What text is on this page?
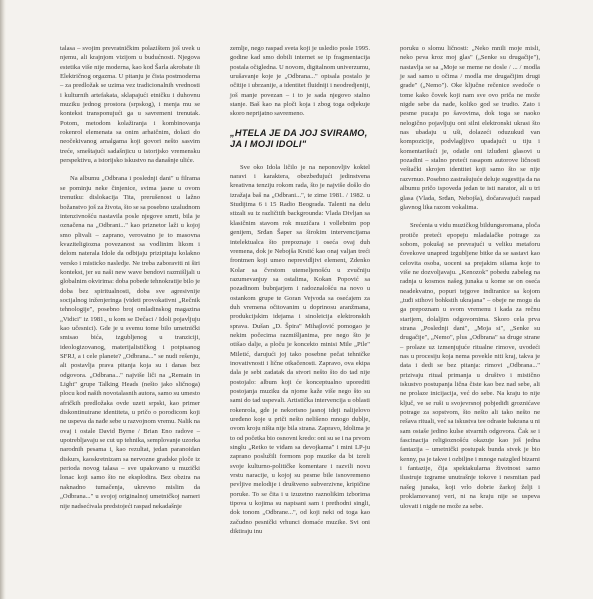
talasa – svojim prevratničkim polazištem još uvek u njemu, ali krajnjom vizijom u budućnosti. Njegova estetika više nije moderna, kao kod Šarla akrobate ili Električnog orgazma. U pitanju je čista postmoderna – za predložak se uzima vez tradicionalnih vrednosti i kulturnih artefakata, sklapajući etničku i duhovnu muziku jednog prostora (srpskog), i menja mu se kontekst transponujući ga u savremeni trenutak. Potom, metodom kolažiranja i kombinovanja rokenrol elemenata sa onim arhaičnim, dolazi do neočekivanog amalgama koji govori nešto sasvim treće, smeštajući sadašnjicu u istorijsko vremensku perspektivu, a istorijsko iskustvo na današnje uliće.

Na albumu „Odbrana i poslednji dani" u filrama se pominju neke činjenice, svima jasne u ovom trenutku: dislokacija Tita, prerušenost u lažno božanstvo još za života, što se sa posebno uzaludnom intenzivnošću nastavila posle njegove smrti, bila je označena na „Odbrani..." kao priznetor laži u kojoj smo plivali – zaprano, verovatno je to masovna kvaziteligiozna povezanost sa vodlinim likom i delom naterala Idole da odbijaju prizipitaju kolakno versko i misticko nasledje. Ne treba zaboraviti ni širi kontekst, jer su naši new wave bendovi razmišljali u globalnim okvirima: doba pobede tehnokratije bilo je doba bez spiritualnosti, doba sve agresivnije socijalnog inženjeringa (videti provokativni „Rečnik tehnologije", posebno broj omladinskog magazina „Vidici" iz 1981., u kom se Dečaci / Idoli pojavljuju kao učesnici). Gde je u svemu tome bilo umetnički smisao bića, izgubljenog u tranziciji, ideologizovanog, materijalističkog i potpisanog SFRJ, a i cele planete? „Odbrana..." se nudi rešenju, ali postavlja prava pitanja koja su i danas bez odgovora. „Odbrana..." najviše liči na „Remain in Light" grupe Talking Heads (nešto jako sličnoga) plocu kod naših novotalasnih autora, samo su umesto afričkih predložaka ovde uzeti srpski, kao primer diskontinuirane identiteta, u pričo o porodicom koji ne uspeva da nađe sebe u razvojnom vremu. Nalik na ovaj i ostale David Byrne / Brian Eno radove – upotrebljavaju se cut up tehnika, semplovanje uzorka narodnih pesama i, kao rezultat, jedan paranoidan diskurs, kaoskretnizam sa nervozne gradske ploče iz perioda novog talasa – sve upakovano u muzički lonac koji samo što ne eksplodira. Bez obzira na naknadno tumačenja, ukrevno mislim da „Odbrana..." u svojoj originalnoj umetničkoj nameri nije nadsećivala predstojeći raspad nekadašnje

zemlje, nego raspad sveta koji je usledio posle 1995. godine kad smo dobili internet se ip fragmentacija postala očigledna. U novom, digitalnom univerzumu, urušavanje koje je „Odbrana..." opisala postalo je očitije i ubrzanije, a identitet fluidniji i neodredjeniji, još manje povezan – i to je sada njegovo stalno stanje. Baš kao na ploči koja i zbog toga odjekuje skoro neprijatno savremeno.

„HTELA JE DA JOJ SVIRAMO, JA I MOJI IDOLI"

Sve oko Idola ličilo je na neponovljiv koktel naravi i karaktera, obezbeđujući jedinstvena kreativna tenziju rokom rada, što je najviše došlo do izražaja baš na „Odbrani...", te zime 1981. / 1982. u Studijima 6 i 15 Radio Beograda. Talenti na delu stizali su iz različitih backgrounda: Vlada Divljan sa klasičnim stavom rok muzičara i vollebnim pop genijem, Srđan Šaper sa širokim intervencijama intelektualca što prepoznaje i oseća ovaj duh vremena, dok je Nebojša Krstić kao onaj valjan treći frontmen koji umeo neprevidljivi element, Zdenko Kolar sa čvrstom utemeljenošću u zvučniju razumevanjuy sa ostalima, Kokan Popović sa pozadinom bubnjarjem i radoznalošću na novo u ostankom grupe te Goran Vejvoda sa osećajem za duh vremena očitovanim u doprinosu aranžmana, produkcijskim idejama i sinoleicija elektronskih sprava. Dušan „D. Špira" Mihajlović pomogao je nekim počecima razmišljanima, pre nego što je otišao dalje, a ploču je koncekto minisi Mile „Pile" Miletić, darujući joj tako posebne pečat tehničke inovativnosti i lične otkačenosti. Zapravo, ova ekipa dala je sebi zadatak da stvori nešto što do tad nije postojalo: album koji će konceptualno uporediti postojanja muziku da njome kaže više nego što su sami do tad uspevali. Artistička intervencija u oblasti rokenrola, gde je nekorisno jasnoj ideji nalijelovo uređeno koje u priči nešto nelišeno mnogo dublje, ovom kroju ništa nije bila strana. Zapravo, Idolima je to od početka bio osnovni kredo: oni su se i na prvom singlu „Retko te viđam sa devojkama" i mini LP-ju zaprano poslužili formom pop muzike da bi izreli svoje kulturno-političke komentare i razvili novu vrstu naracije, u kojoj su pesme bile isnovremeno pevljive melodije i društveno subverzivne, kripičine poruke. To se čita i u izuzetno raznolikim izborima tipova u kojima su napisani sam i prethodni singli, dok tonom „Odbrane...", od koji neki od toga kao začudno pesnički vrhunci domaće muzike. Svi oni diktiraju inu

poruku o slomu ličnosti: „Neko mnili moje misli, neko peva kroz moj glas" („Senke su drugačije"), nastavlja se sa „Moje se meme ne dosle / ... / modla je sad samo u očima / modla me drugačijim drugi grade" („Nemo"). Oke ključne rečenice svedoče o tome kako čovek koji nam sve ovo priča ne može nigde sebe da nađe, koliko god se trudio. Zato i pesme pucaju po šavovima, dok toga se naoko nelogično pojavljuju oni silni elektronski ukrasi što nas ubadaju u uši, dolazeći oduzukud van kompozicije, podvlagljivo upadajući u tiju i komentarišući je, odatle oni izluđeni glasovi u pozadini – stalno preteći rasapom autorove ličnosti veštački skrojen identitet koji samo što se nije razvrnuo. Posebno zastrašujuće deluje sugestija da na albumu pričo ispoveda jedan te isti narator, ali u tri glasa (Vlada, Srđan, Nebojša), dočaravajući raspad glavnog lika razom vokalima.

Srećenia u vidu muzičkog bildungsromana, ploča protiče preteći epopeju mladalačke potrage za sobom, pokušaj se prevrajući u veliku metaforu čovekove unapred izgubljene bitke da se sastavi kao celovita osoba, uoceni sa prejakim silama koje to više ne dozvoljavaju. „Kenozok" pobedu zabeleg na radnja u kosmos našeg junaka u kome se on oseća neadekvatno, popuri tejgove indiranice sa kojom „tuđi stihovi bohkstih ukrajana" – obeje ne mogu da ga prepoznam u svom vremenu i kada za rečnu starijem, dolaljim odgovornima. Skoro cela prva strana „Poslednji dani", „Moja si", „Senke su drugačije", „Nemo", plus „Odbrana" sa druge strane – prolaze uz izmenjujuće ritualne rimove, uvodeći nas u procesiju koja nema povekle niti kraj, takva je data i dedi se bez pitanja: rimovi „Odbrana..." prizivaju ritual primanja u društvo i mistično iskustvo postupanja lična čiste kao bez nad sebe, ali ne prolaze inicijacija, već do sebe. Na kraju to nije ključ, ve se ruši u svojevrsnoj pobjediđi groznićave potrage za sopstvom, što nešto ali tako nešto ne rešava rituali, već sa iskustva tee odraste bakrana u ni sam ostaše jedino kulse stvarnih odgovora. Čak se i fascinacija religioznošću okazuje kao još jedna fantazija – umetnički postupak bunda stvek je bio kenny, pa je takve i ozbiljne i mnoge naizgled bizarni i fantazije, čija spektakularna životnost samo ilustruje izgrame unutrašnje tokove i nesmitan pad našeg junaka, koji vrlo dobrie žarkoj želji i proklamovanoj veri, ni na kraju nije se uspeva ulovati i nigde ne može za sebe.
